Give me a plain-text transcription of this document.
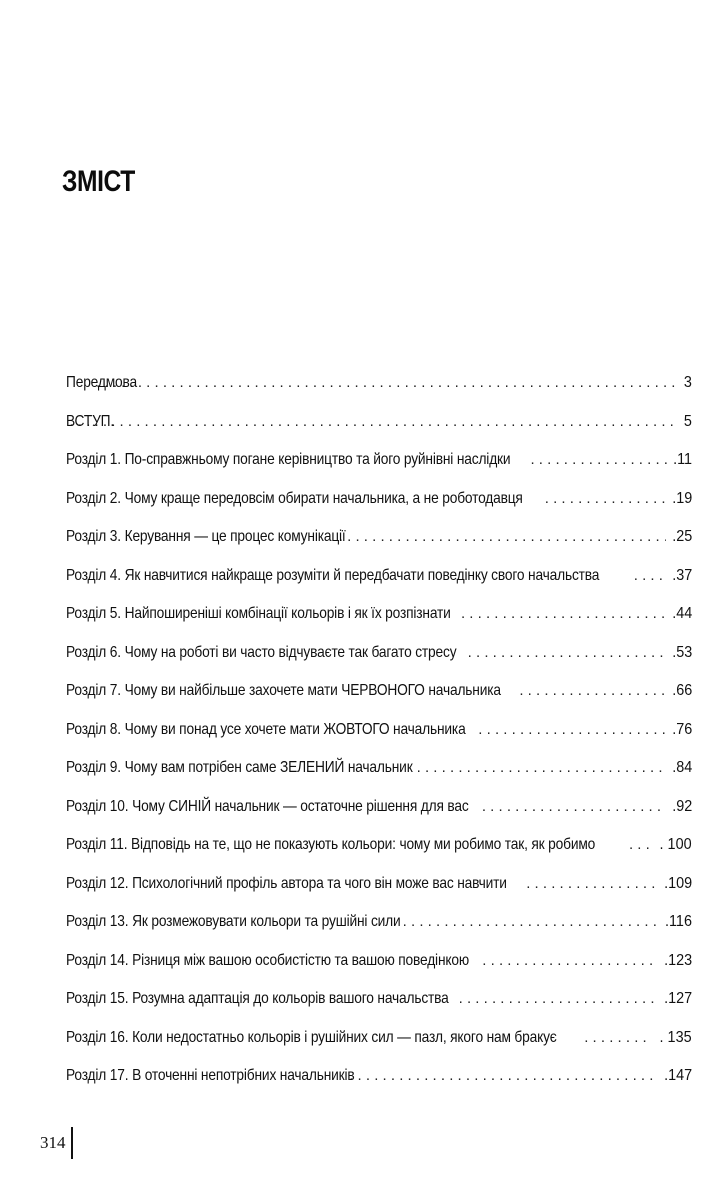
ЗМІСТ
Передмова . . .	3
ВСТУП. . . .	5
Розділ 1. По-справжньому погане керівництво та його руйнівні наслідки . . .	.11
Розділ 2. Чому краще передовсім обирати начальника, а не роботодавця . . .	.19
Розділ 3. Керування — це процес комунікації . . .	.25
Розділ 4. Як навчитися найкраще розуміти й передбачати поведінку свого начальства . . .	.37
Розділ 5. Найпоширеніші комбінації кольорів і як їх розпізнати . . .	.44
Розділ 6. Чому на роботі ви часто відчуваєте так багато стресу . . .	.53
Розділ 7. Чому ви найбільше захочете мати ЧЕРВОНОГО начальника . . .	.66
Розділ 8. Чому ви понад усе хочете мати ЖОВТОГО начальника . . .	.76
Розділ 9. Чому вам потрібен саме ЗЕЛЕНИЙ начальник . . .	.84
Розділ 10. Чому СИНІЙ начальник — остаточне рішення для вас . . .	.92
Розділ 11. Відповідь на те, що не показують кольори: чому ми робимо так, як робимо . . .	. 100
Розділ 12. Психологічний профіль автора та чого він може вас навчити . . .	.109
Розділ 13. Як розмежовувати кольори та рушійні сили . . .	.116
Розділ 14. Різниця між вашою особистістю та вашою поведінкою . . .	.123
Розділ 15. Розумна адаптація до кольорів вашого начальства . . .	.127
Розділ 16. Коли недостатньо кольорів і рушійних сил — пазл, якого нам бракує . . .	. 135
Розділ 17. В оточенні непотрібних начальників . . .	.147
314
